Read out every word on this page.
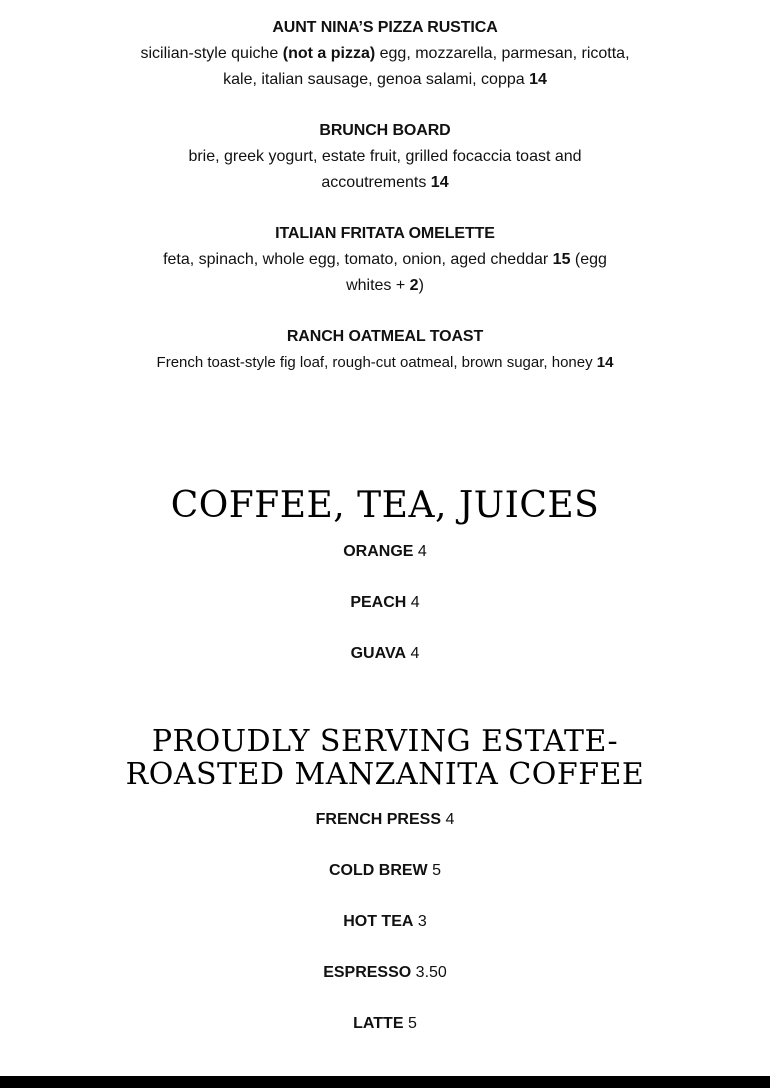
AUNT NINA’S PIZZA RUSTICA
sicilian-style quiche (not a pizza) egg, mozzarella, parmesan, ricotta, kale, italian sausage, genoa salami, coppa 14
BRUNCH BOARD
brie, greek yogurt, estate fruit, grilled focaccia toast and accoutrements 14
ITALIAN FRITATA OMELETTE
feta, spinach, whole egg, tomato, onion, aged cheddar 15 (egg whites + 2)
RANCH OATMEAL TOAST
French toast-style fig loaf, rough-cut oatmeal, brown sugar, honey 14
COFFEE, TEA, JUICES
ORANGE 4
PEACH 4
GUAVA 4
PROUDLY SERVING ESTATE-
ROASTED MANZANITA COFFEE
FRENCH PRESS 4
COLD BREW 5
HOT TEA 3
ESPRESSO 3.50
LATTE 5
